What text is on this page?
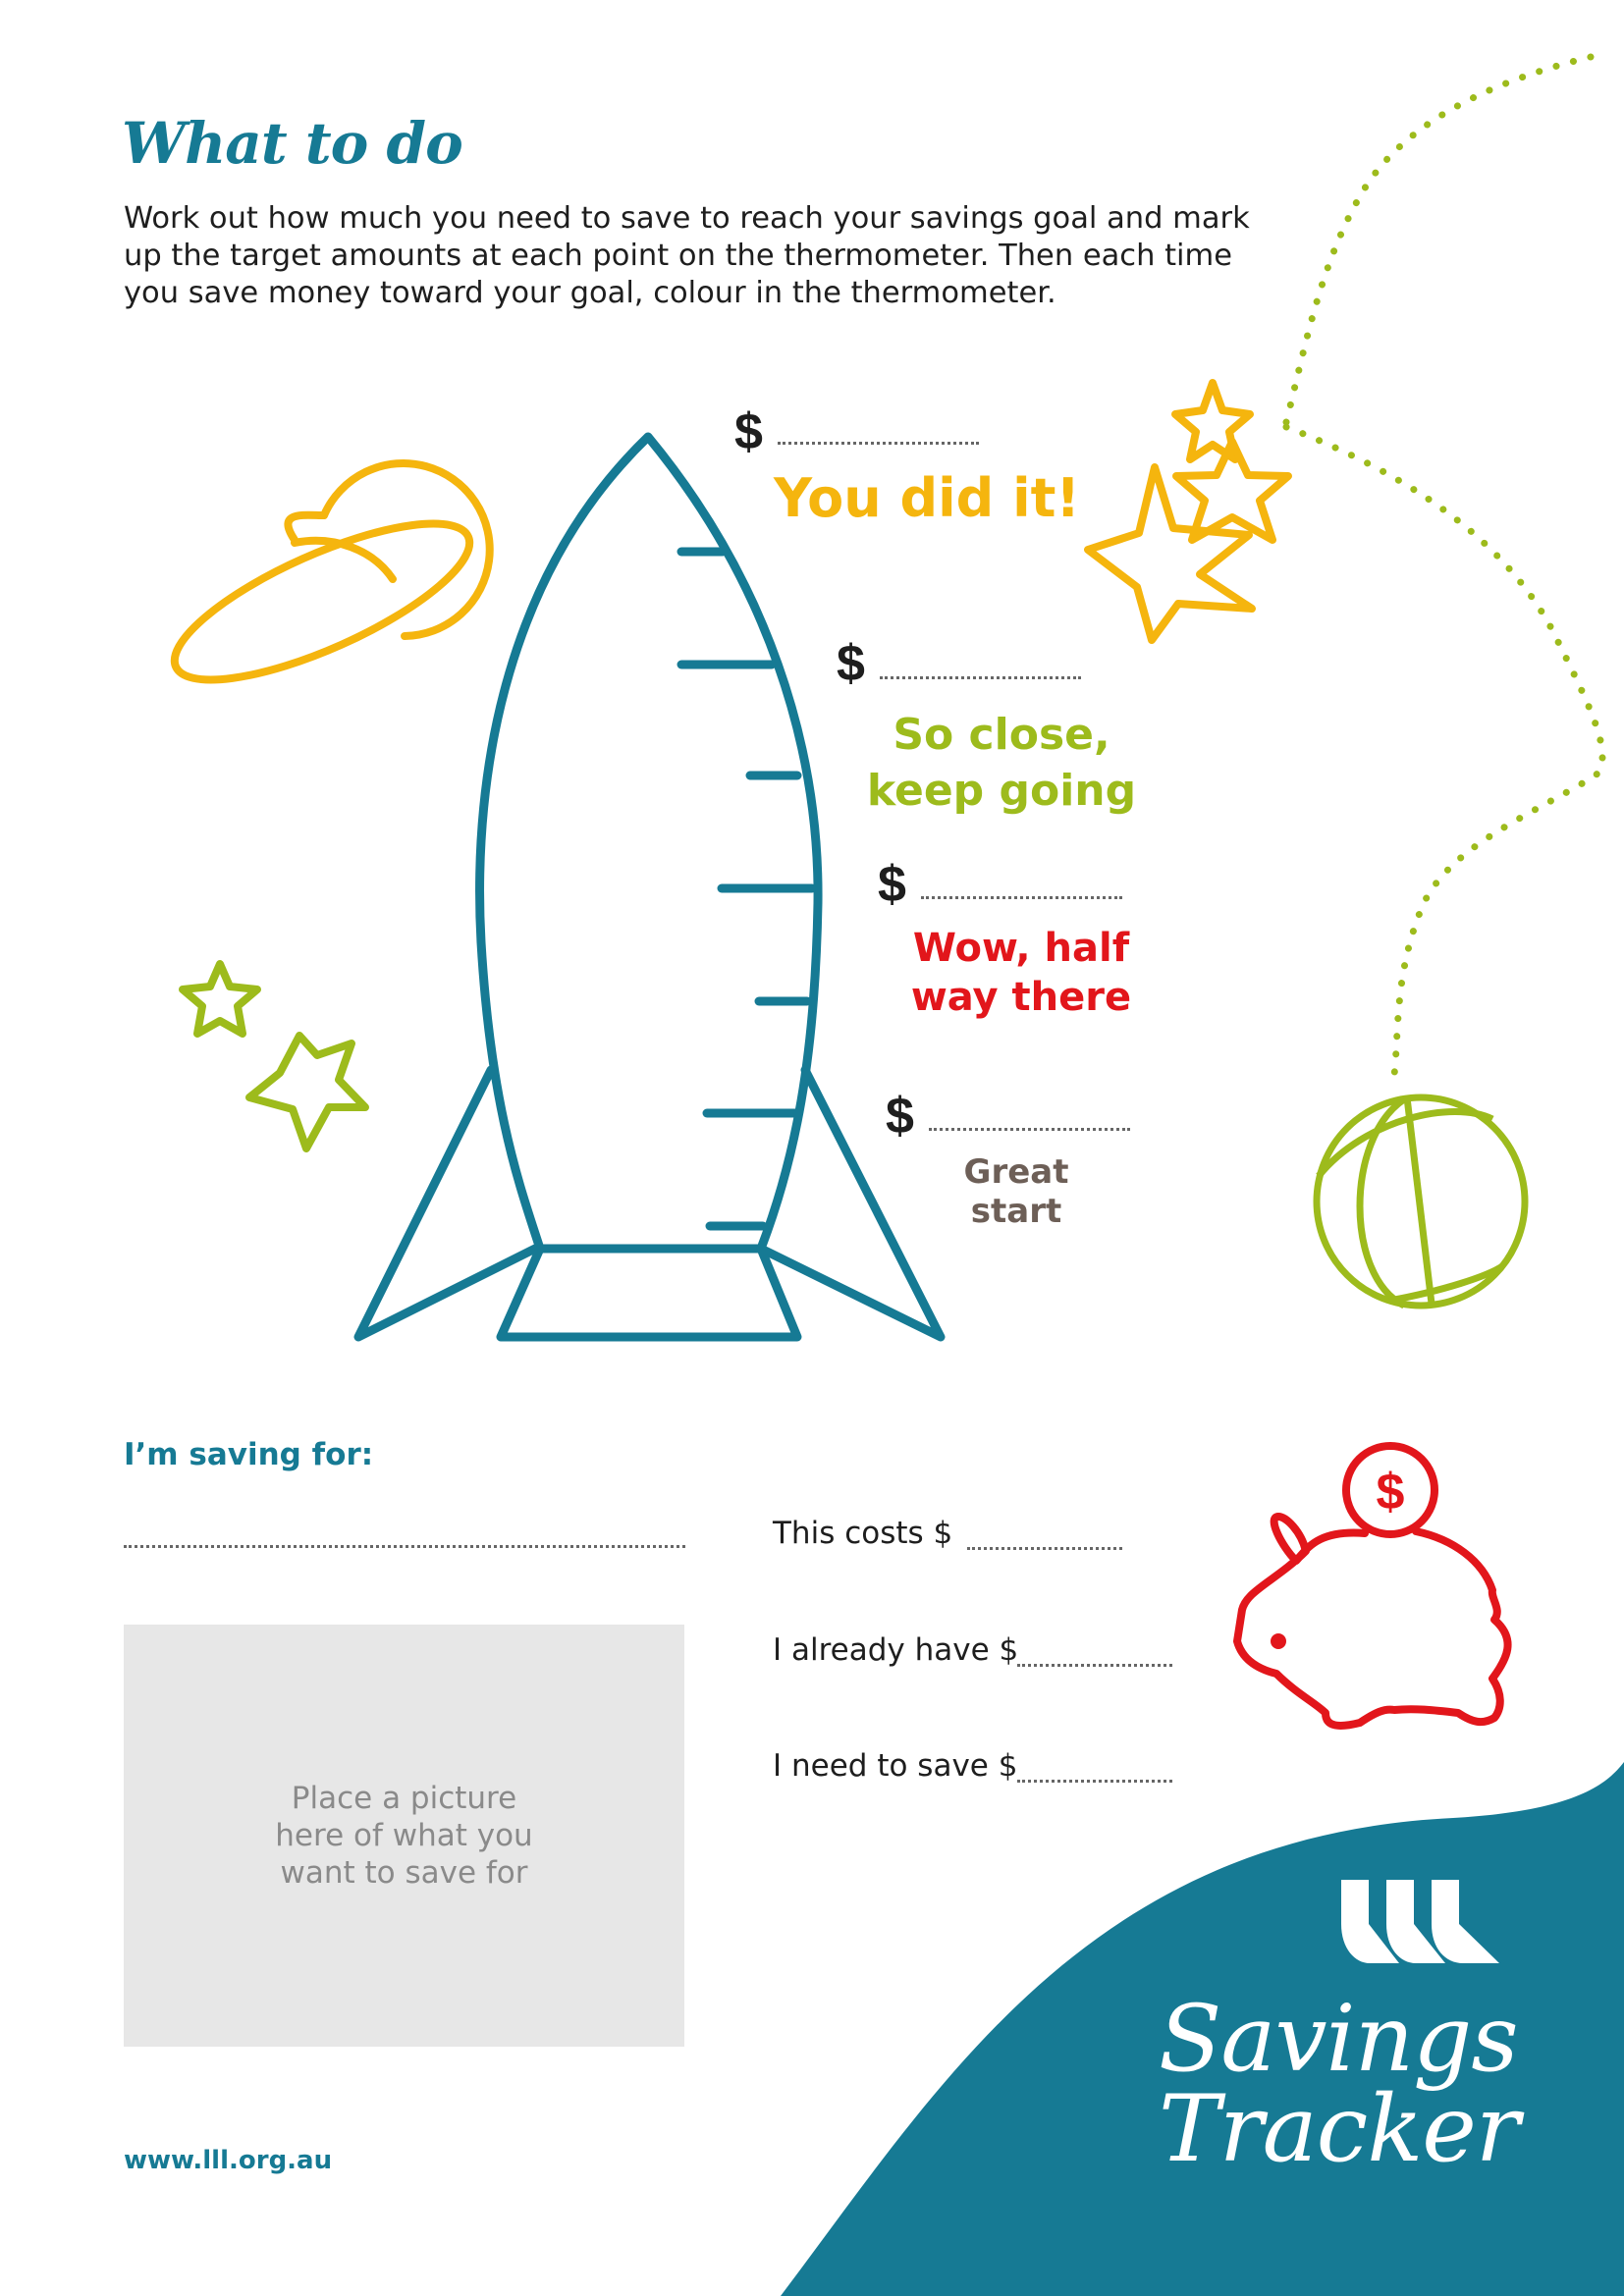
$
What to do

Work out how much you need to save to reach your savings goal and mark up the target amounts at each point on the thermometer. Then each time you save money toward your goal, colour in the thermometer.

$
You did it!
$
So close, keep going
$
Wow, half way there
$
Great start
I’m saving for:
This costs $
I already have $
I need to save $
Place a picture here of what you want to save for
www.lll.org.au
Savings Tracker
